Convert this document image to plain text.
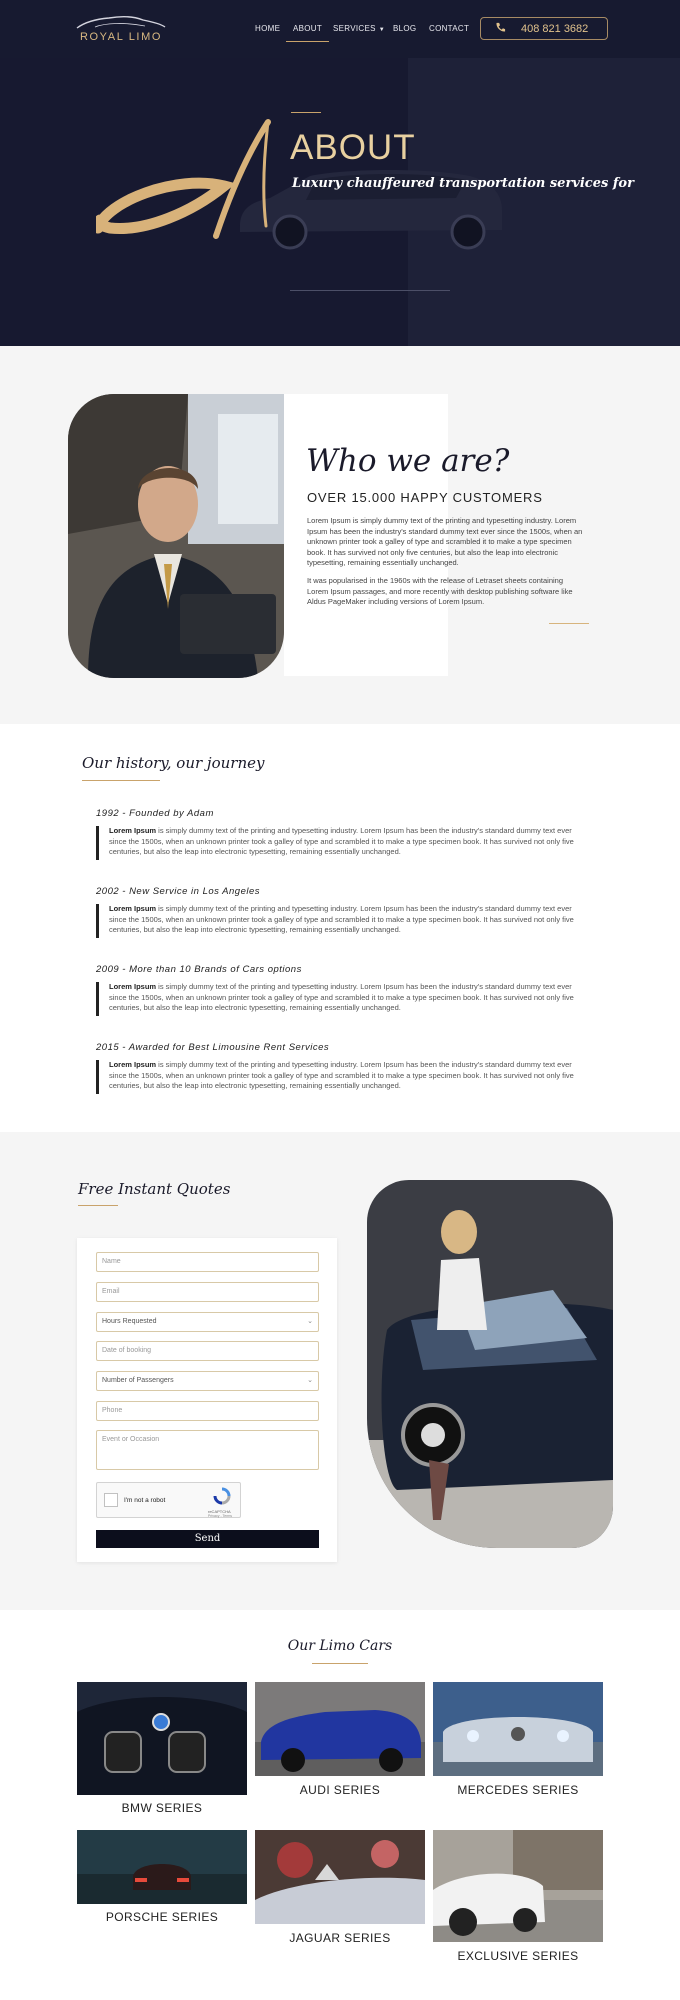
ROYAL LIMO
HOME	ABOUT	SERVICES ▼ BLOG CONTACT	408 821 3682
ABOUT
Luxury chauffeured transportation services for
Who we are?
OVER 15.000 HAPPY CUSTOMERS
Lorem Ipsum is simply dummy text of the printing and typesetting industry. Lorem Ipsum has been the industry's standard dummy text ever since the 1500s, when an unknown printer took a galley of type and scrambled it to make a type specimen book. It has survived not only five centuries, but also the leap into electronic typesetting, remaining essentially unchanged.
It was popularised in the 1960s with the release of Letraset sheets containing Lorem Ipsum passages, and more recently with desktop publishing software like Aldus PageMaker including versions of Lorem Ipsum.
Our history, our journey
1992 - Founded by Adam
Lorem Ipsum is simply dummy text of the printing and typesetting industry. Lorem Ipsum has been the industry's standard dummy text ever since the 1500s, when an unknown printer took a galley of type and scrambled it to make a type specimen book. It has survived not only five centuries, but also the leap into electronic typesetting, remaining essentially unchanged.
2002 - New Service in Los Angeles
Lorem Ipsum is simply dummy text of the printing and typesetting industry. Lorem Ipsum has been the industry's standard dummy text ever since the 1500s, when an unknown printer took a galley of type and scrambled it to make a type specimen book. It has survived not only five centuries, but also the leap into electronic typesetting, remaining essentially unchanged.
2009 - More than 10 Brands of Cars options
Lorem Ipsum is simply dummy text of the printing and typesetting industry. Lorem Ipsum has been the industry's standard dummy text ever since the 1500s, when an unknown printer took a galley of type and scrambled it to make a type specimen book. It has survived not only five centuries, but also the leap into electronic typesetting, remaining essentially unchanged.
2015 - Awarded for Best Limousine Rent Services
Lorem Ipsum is simply dummy text of the printing and typesetting industry. Lorem Ipsum has been the industry's standard dummy text ever since the 1500s, when an unknown printer took a galley of type and scrambled it to make a type specimen book. It has survived not only five centuries, but also the leap into electronic typesetting, remaining essentially unchanged.
Free Instant Quotes
Name
Email
Hours Requested	⌄
Date of booking
Number of Passengers	⌄
Phone
Event or Occasion
I'm not a robot
reCAPTCHA
Privacy - Terms
Send
Our Limo Cars
BMW SERIES
AUDI SERIES	MERCEDES SERIES
PORSCHE SERIES
JAGUAR SERIES
EXCLUSIVE SERIES
